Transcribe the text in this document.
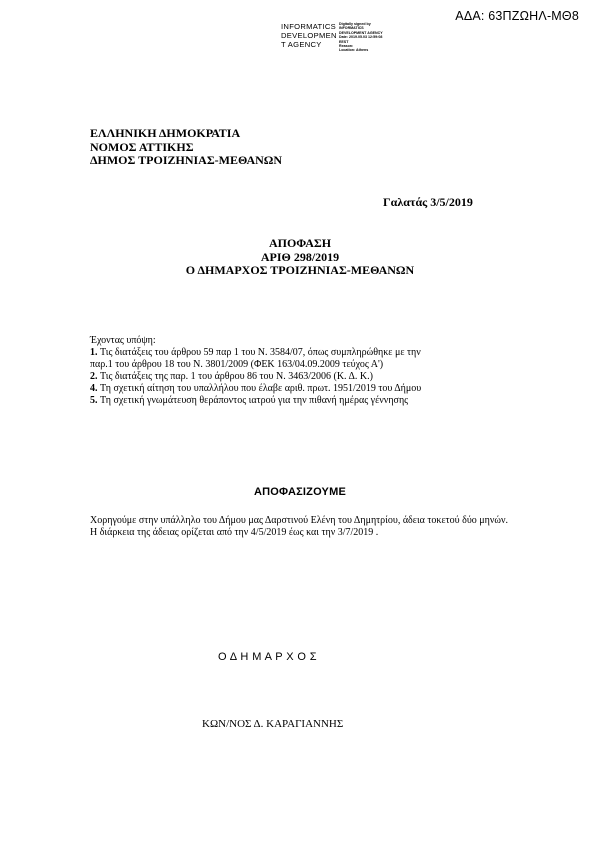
ΑΔΑ: 63ΠΖΩΗΛ-ΜΘ8
INFORMATICS
DEVELOPMEN
T AGENCY
Digitally signed by
INFORMATICS
DEVELOPMENT AGENCY
Date: 2019.05.03 12:59:08
EEST
Reason:
Location: Athens
ΕΛΛΗΝΙΚΗ ΔΗΜΟΚΡΑΤΙΑ
ΝΟΜΟΣ ΑΤΤΙΚΗΣ
ΔΗΜΟΣ ΤΡΟΙΖΗΝΙΑΣ-ΜΕΘΑΝΩΝ
Γαλατάς 3/5/2019
ΑΠΟΦΑΣΗ
ΑΡΙΘ 298/2019
Ο ΔΗΜΑΡΧΟΣ ΤΡΟΙΖΗΝΙΑΣ-ΜΕΘΑΝΩΝ
Έχοντας υπόψη:
1. Τις διατάξεις του άρθρου 59 παρ 1 του Ν. 3584/07, όπως συμπληρώθηκε με την
παρ.1 του άρθρου 18 του Ν. 3801/2009 (ΦΕΚ 163/04.09.2009 τεύχος Α')
2. Τις διατάξεις της παρ. 1 του άρθρου 86 του Ν. 3463/2006 (Κ. Δ. Κ.)
4. Τη σχετική αίτηση του υπαλλήλου που έλαβε αριθ. πρωτ. 1951/2019 του Δήμου
5. Τη σχετική γνωμάτευση θεράποντος ιατρού για την πιθανή ημέρας γέννησης
ΑΠΟΦΑΣΙΖΟΥΜΕ
Χορηγούμε στην υπάλληλο του Δήμου μας Δαρστινού Ελένη του Δημητρίου, άδεια τοκετού δύο μηνών.
Η διάρκεια της άδειας ορίζεται από την 4/5/2019 έως και την 3/7/2019 .
Ο Δ Η Μ Α Ρ Χ Ο Σ
ΚΩΝ/ΝΟΣ Δ. ΚΑΡΑΓΙΑΝΝΗΣ
